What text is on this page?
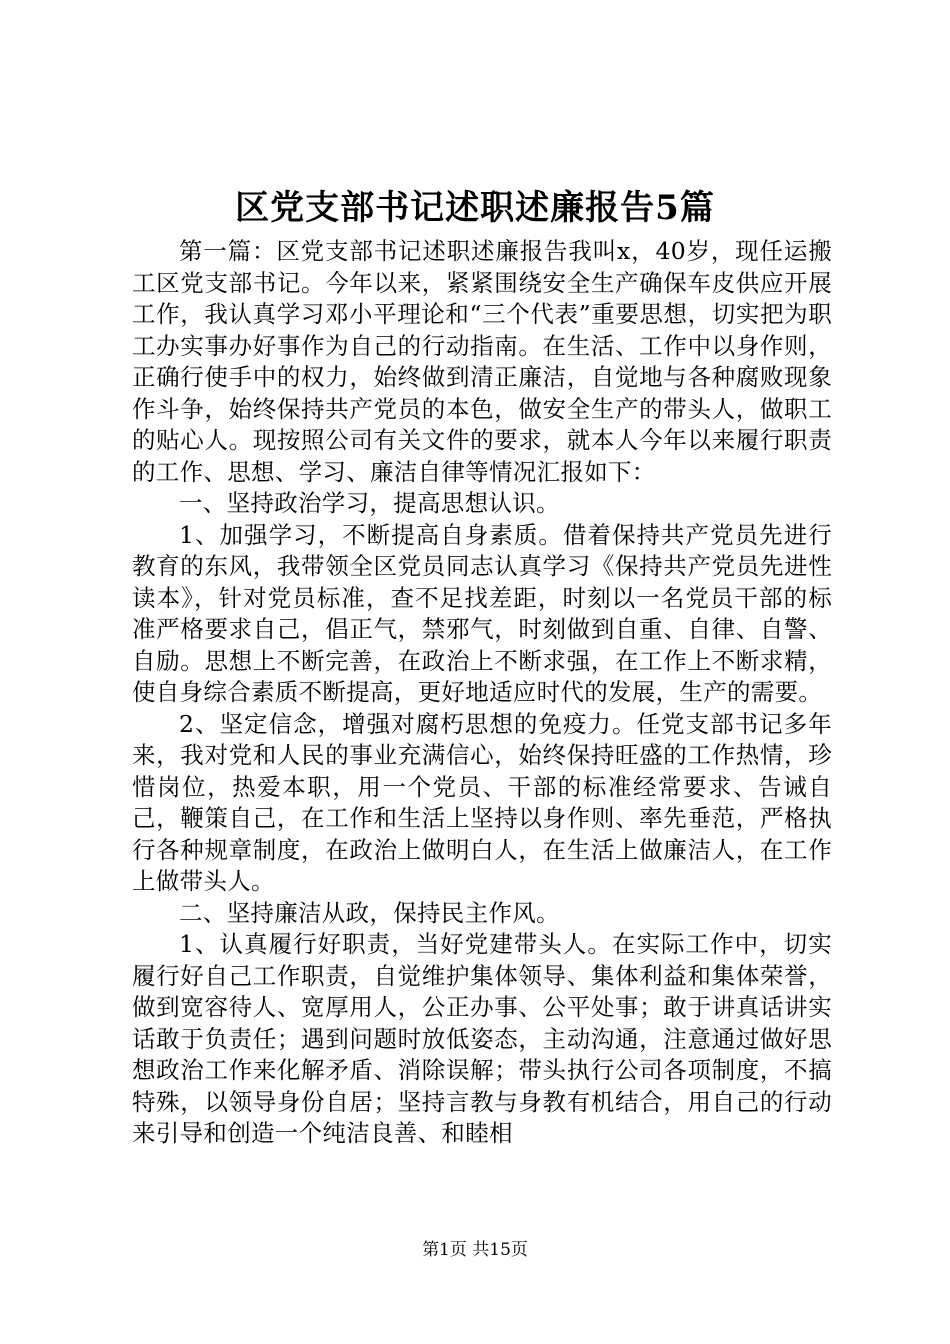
区党支部书记述职述廉报告5篇

第一篇：区党支部书记述职述廉报告我叫x，40岁，现任运搬工区党支部书记。今年以来，紧紧围绕安全生产确保车皮供应开展工作，我认真学习邓小平理论和“三个代表”重要思想，切实把为职工办实事办好事作为自己的行动指南。在生活、工作中以身作则，正确行使手中的权力，始终做到清正廉洁，自觉地与各种腐败现象作斗争，始终保持共产党员的本色，做安全生产的带头人，做职工的贴心人。现按照公司有关文件的要求，就本人今年以来履行职责的工作、思想、学习、廉洁自律等情况汇报如下：

一、坚持政治学习，提高思想认识。

1、加强学习，不断提高自身素质。借着保持共产党员先进行教育的东风，我带领全区党员同志认真学习《保持共产党员先进性读本》，针对党员标准，查不足找差距，时刻以一名党员干部的标准严格要求自己，倡正气，禁邪气，时刻做到自重、自律、自警、自励。思想上不断完善，在政治上不断求强，在工作上不断求精，使自身综合素质不断提高，更好地适应时代的发展，生产的需要。

2、坚定信念，增强对腐朽思想的免疫力。任党支部书记多年来，我对党和人民的事业充满信心，始终保持旺盛的工作热情，珍惜岗位，热爱本职，用一个党员、干部的标准经常要求、告诫自己，鞭策自己，在工作和生活上坚持以身作则、率先垂范，严格执行各种规章制度，在政治上做明白人，在生活上做廉洁人，在工作上做带头人。

二、坚持廉洁从政，保持民主作风。

1、认真履行好职责，当好党建带头人。在实际工作中，切实履行好自己工作职责，自觉维护集体领导、集体利益和集体荣誉，做到宽容待人、宽厚用人，公正办事、公平处事；敢于讲真话讲实话敢于负责任；遇到问题时放低姿态，主动沟通，注意通过做好思想政治工作来化解矛盾、消除误解；带头执行公司各项制度，不搞特殊，以领导身份自居；坚持言教与身教有机结合，用自己的行动来引导和创造一个纯洁良善、和睦相

第1页 共15页
